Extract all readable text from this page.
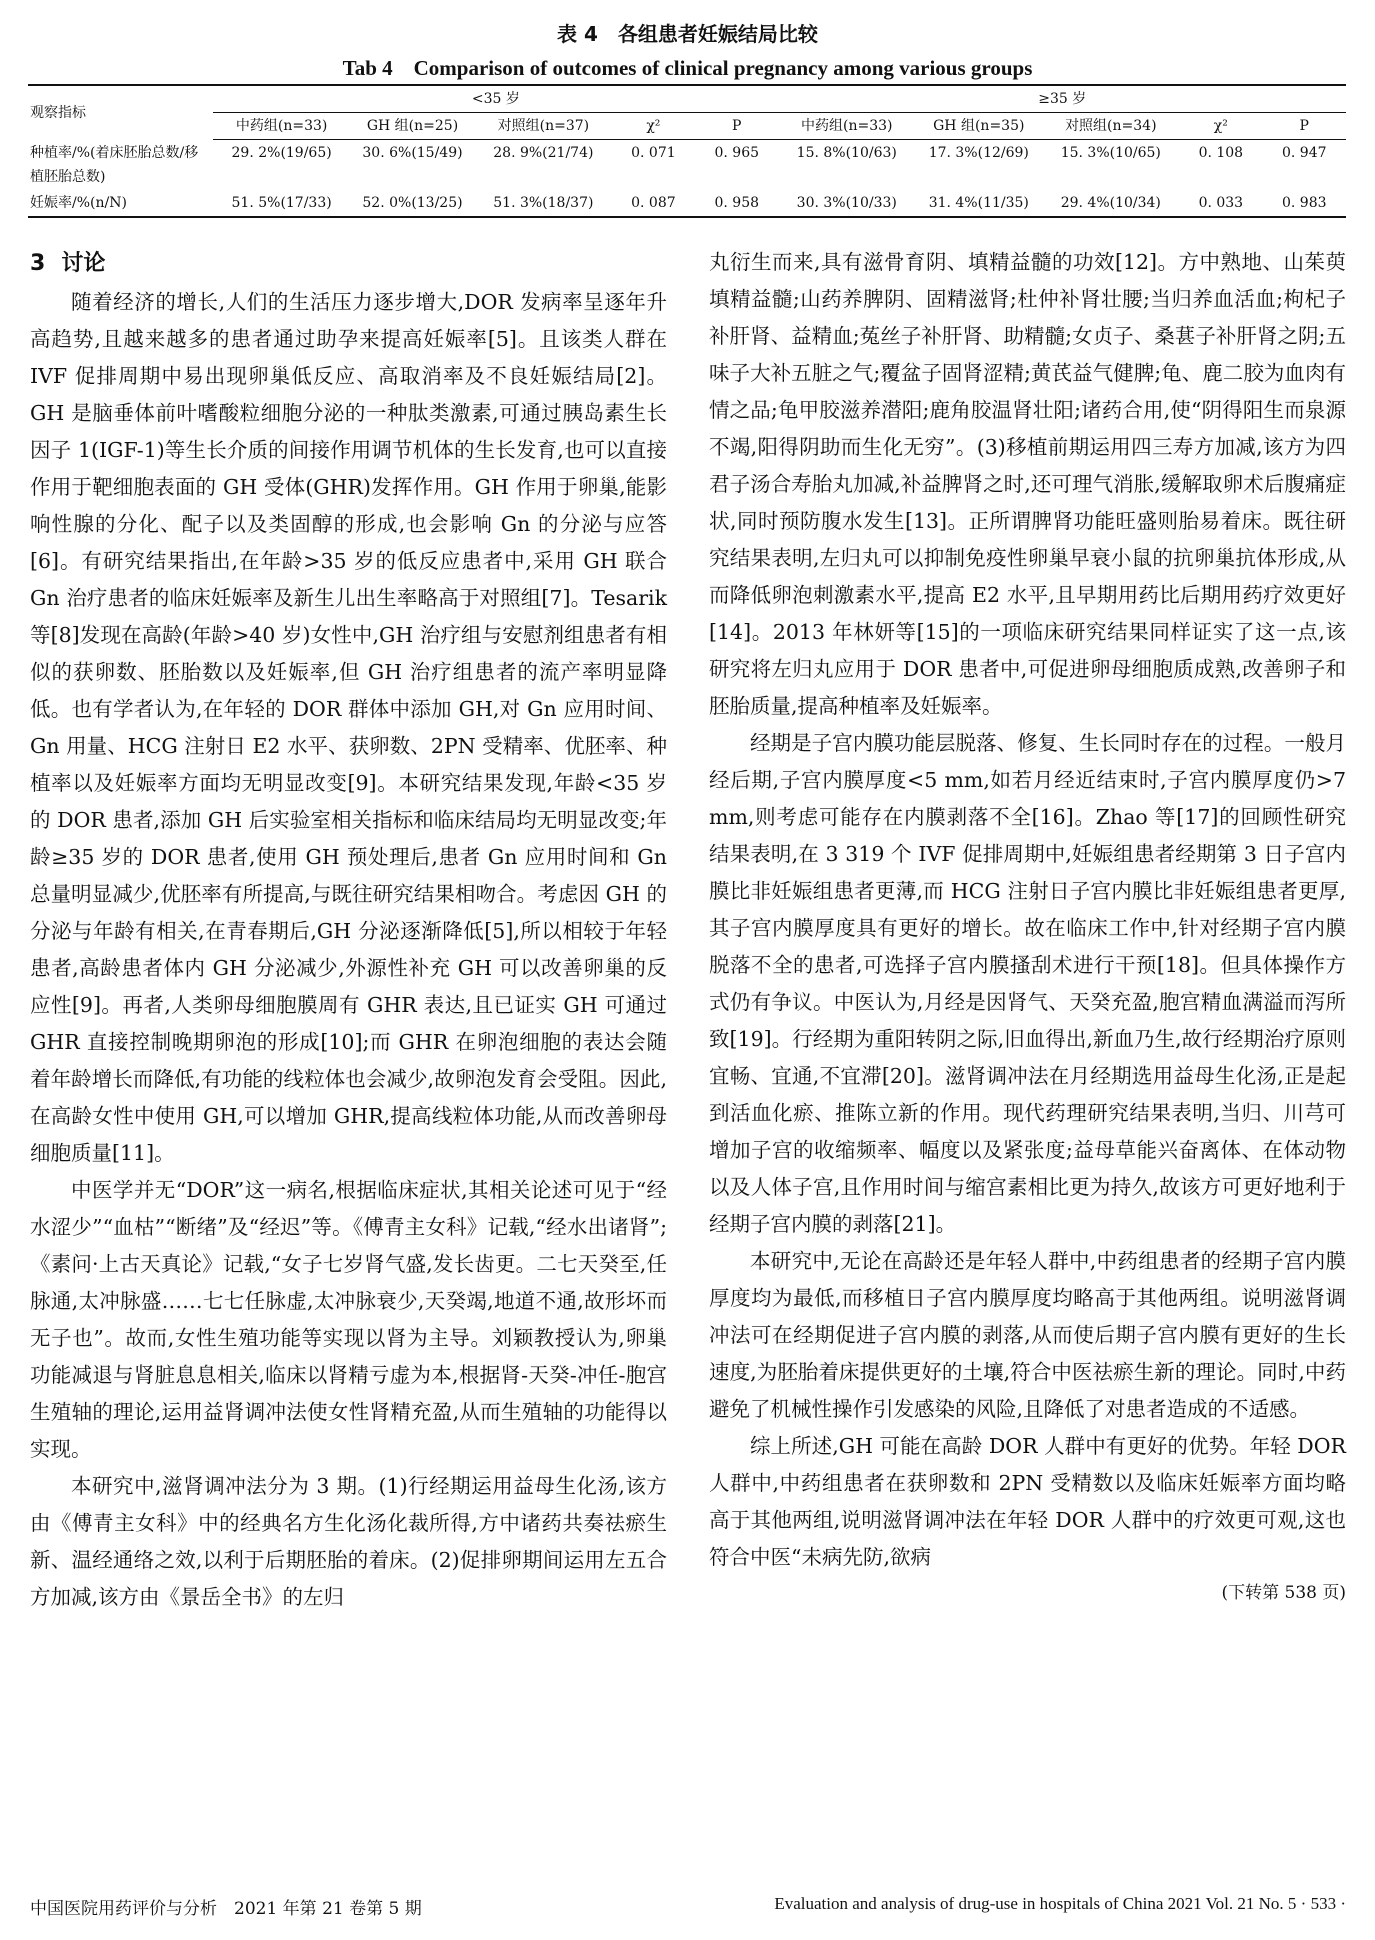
表 4　各组患者妊娠结局比较
Tab 4　Comparison of outcomes of clinical pregnancy among various groups
观察指标	<35 岁					≥35 岁				
	中药组(n=33)	GH 组(n=25)	对照组(n=37)	χ²	P	中药组(n=33)	GH 组(n=35)	对照组(n=34)	χ²	P
种植率/%(着床胚胎总数/移植胚胎总数)	29. 2%(19/65)	30. 6%(15/49)	28. 9%(21/74)	0. 071	0. 965	15. 8%(10/63)	17. 3%(12/69)	15. 3%(10/65)	0. 108	0. 947
妊娠率/%(n/N)	51. 5%(17/33)	52. 0%(13/25)	51. 3%(18/37)	0. 087	0. 958	30. 3%(10/33)	31. 4%(11/35)	29. 4%(10/34)	0. 033	0. 983
3 讨论

随着经济的增长,人们的生活压力逐步增大,DOR 发病率呈逐年升高趋势,且越来越多的患者通过助孕来提高妊娠率[5]。且该类人群在 IVF 促排周期中易出现卵巢低反应、高取消率及不良妊娠结局[2]。GH 是脑垂体前叶嗜酸粒细胞分泌的一种肽类激素,可通过胰岛素生长因子 1(IGF-1)等生长介质的间接作用调节机体的生长发育,也可以直接作用于靶细胞表面的 GH 受体(GHR)发挥作用。GH 作用于卵巢,能影响性腺的分化、配子以及类固醇的形成,也会影响 Gn 的分泌与应答[6]。有研究结果指出,在年龄>35 岁的低反应患者中,采用 GH 联合 Gn 治疗患者的临床妊娠率及新生儿出生率略高于对照组[7]。Tesarik 等[8]发现在高龄(年龄>40 岁)女性中,GH 治疗组与安慰剂组患者有相似的获卵数、胚胎数以及妊娠率,但 GH 治疗组患者的流产率明显降低。也有学者认为,在年轻的 DOR 群体中添加 GH,对 Gn 应用时间、Gn 用量、HCG 注射日 E2 水平、获卵数、2PN 受精率、优胚率、种植率以及妊娠率方面均无明显改变[9]。本研究结果发现,年龄<35 岁的 DOR 患者,添加 GH 后实验室相关指标和临床结局均无明显改变;年龄≥35 岁的 DOR 患者,使用 GH 预处理后,患者 Gn 应用时间和 Gn 总量明显减少,优胚率有所提高,与既往研究结果相吻合。考虑因 GH 的分泌与年龄有相关,在青春期后,GH 分泌逐渐降低[5],所以相较于年轻患者,高龄患者体内 GH 分泌减少,外源性补充 GH 可以改善卵巢的反应性[9]。再者,人类卵母细胞膜周有 GHR 表达,且已证实 GH 可通过 GHR 直接控制晚期卵泡的形成[10];而 GHR 在卵泡细胞的表达会随着年龄增长而降低,有功能的线粒体也会减少,故卵泡发育会受阻。因此,在高龄女性中使用 GH,可以增加 GHR,提高线粒体功能,从而改善卵母细胞质量[11]。

中医学并无“DOR”这一病名,根据临床症状,其相关论述可见于“经水涩少”“血枯”“断绪”及“经迟”等。《傅青主女科》记载,“经水出诸肾”;《素问·上古天真论》记载,“女子七岁肾气盛,发长齿更。二七天癸至,任脉通,太冲脉盛……七七任脉虚,太冲脉衰少,天癸竭,地道不通,故形坏而无子也”。故而,女性生殖功能等实现以肾为主导。刘颖教授认为,卵巢功能减退与肾脏息息相关,临床以肾精亏虚为本,根据肾-天癸-冲任-胞宫生殖轴的理论,运用益肾调冲法使女性肾精充盈,从而生殖轴的功能得以实现。

本研究中,滋肾调冲法分为 3 期。(1)行经期运用益母生化汤,该方由《傅青主女科》中的经典名方生化汤化裁所得,方中诸药共奏祛瘀生新、温经通络之效,以利于后期胚胎的着床。(2)促排卵期间运用左五合方加减,该方由《景岳全书》的左归

丸衍生而来,具有滋骨育阴、填精益髓的功效[12]。方中熟地、山茱萸填精益髓;山药养脾阴、固精滋肾;杜仲补肾壮腰;当归养血活血;枸杞子补肝肾、益精血;菟丝子补肝肾、助精髓;女贞子、桑葚子补肝肾之阴;五味子大补五脏之气;覆盆子固肾涩精;黄芪益气健脾;龟、鹿二胶为血肉有情之品;龟甲胶滋养潜阳;鹿角胶温肾壮阳;诸药合用,使“阴得阳生而泉源不竭,阳得阴助而生化无穷”。(3)移植前期运用四三寿方加减,该方为四君子汤合寿胎丸加减,补益脾肾之时,还可理气消胀,缓解取卵术后腹痛症状,同时预防腹水发生[13]。正所谓脾肾功能旺盛则胎易着床。既往研究结果表明,左归丸可以抑制免疫性卵巢早衰小鼠的抗卵巢抗体形成,从而降低卵泡刺激素水平,提高 E2 水平,且早期用药比后期用药疗效更好[14]。2013 年林妍等[15]的一项临床研究结果同样证实了这一点,该研究将左归丸应用于 DOR 患者中,可促进卵母细胞质成熟,改善卵子和胚胎质量,提高种植率及妊娠率。

经期是子宫内膜功能层脱落、修复、生长同时存在的过程。一般月经后期,子宫内膜厚度<5 mm,如若月经近结束时,子宫内膜厚度仍>7 mm,则考虑可能存在内膜剥落不全[16]。Zhao 等[17]的回顾性研究结果表明,在 3 319 个 IVF 促排周期中,妊娠组患者经期第 3 日子宫内膜比非妊娠组患者更薄,而 HCG 注射日子宫内膜比非妊娠组患者更厚,其子宫内膜厚度具有更好的增长。故在临床工作中,针对经期子宫内膜脱落不全的患者,可选择子宫内膜搔刮术进行干预[18]。但具体操作方式仍有争议。中医认为,月经是因肾气、天癸充盈,胞宫精血满溢而泻所致[19]。行经期为重阳转阴之际,旧血得出,新血乃生,故行经期治疗原则宜畅、宜通,不宜滞[20]。滋肾调冲法在月经期选用益母生化汤,正是起到活血化瘀、推陈立新的作用。现代药理研究结果表明,当归、川芎可增加子宫的收缩频率、幅度以及紧张度;益母草能兴奋离体、在体动物以及人体子宫,且作用时间与缩宫素相比更为持久,故该方可更好地利于经期子宫内膜的剥落[21]。

本研究中,无论在高龄还是年轻人群中,中药组患者的经期子宫内膜厚度均为最低,而移植日子宫内膜厚度均略高于其他两组。说明滋肾调冲法可在经期促进子宫内膜的剥落,从而使后期子宫内膜有更好的生长速度,为胚胎着床提供更好的土壤,符合中医祛瘀生新的理论。同时,中药避免了机械性操作引发感染的风险,且降低了对患者造成的不适感。

综上所述,GH 可能在高龄 DOR 人群中有更好的优势。年轻 DOR 人群中,中药组患者在获卵数和 2PN 受精数以及临床妊娠率方面均略高于其他两组,说明滋肾调冲法在年轻 DOR 人群中的疗效更可观,这也符合中医“未病先防,欲病

(下转第 538 页)
中国医院用药评价与分析　2021 年第 21 卷第 5 期	Evaluation and analysis of drug-use in hospitals of China 2021 Vol. 21 No. 5 · 533 ·
